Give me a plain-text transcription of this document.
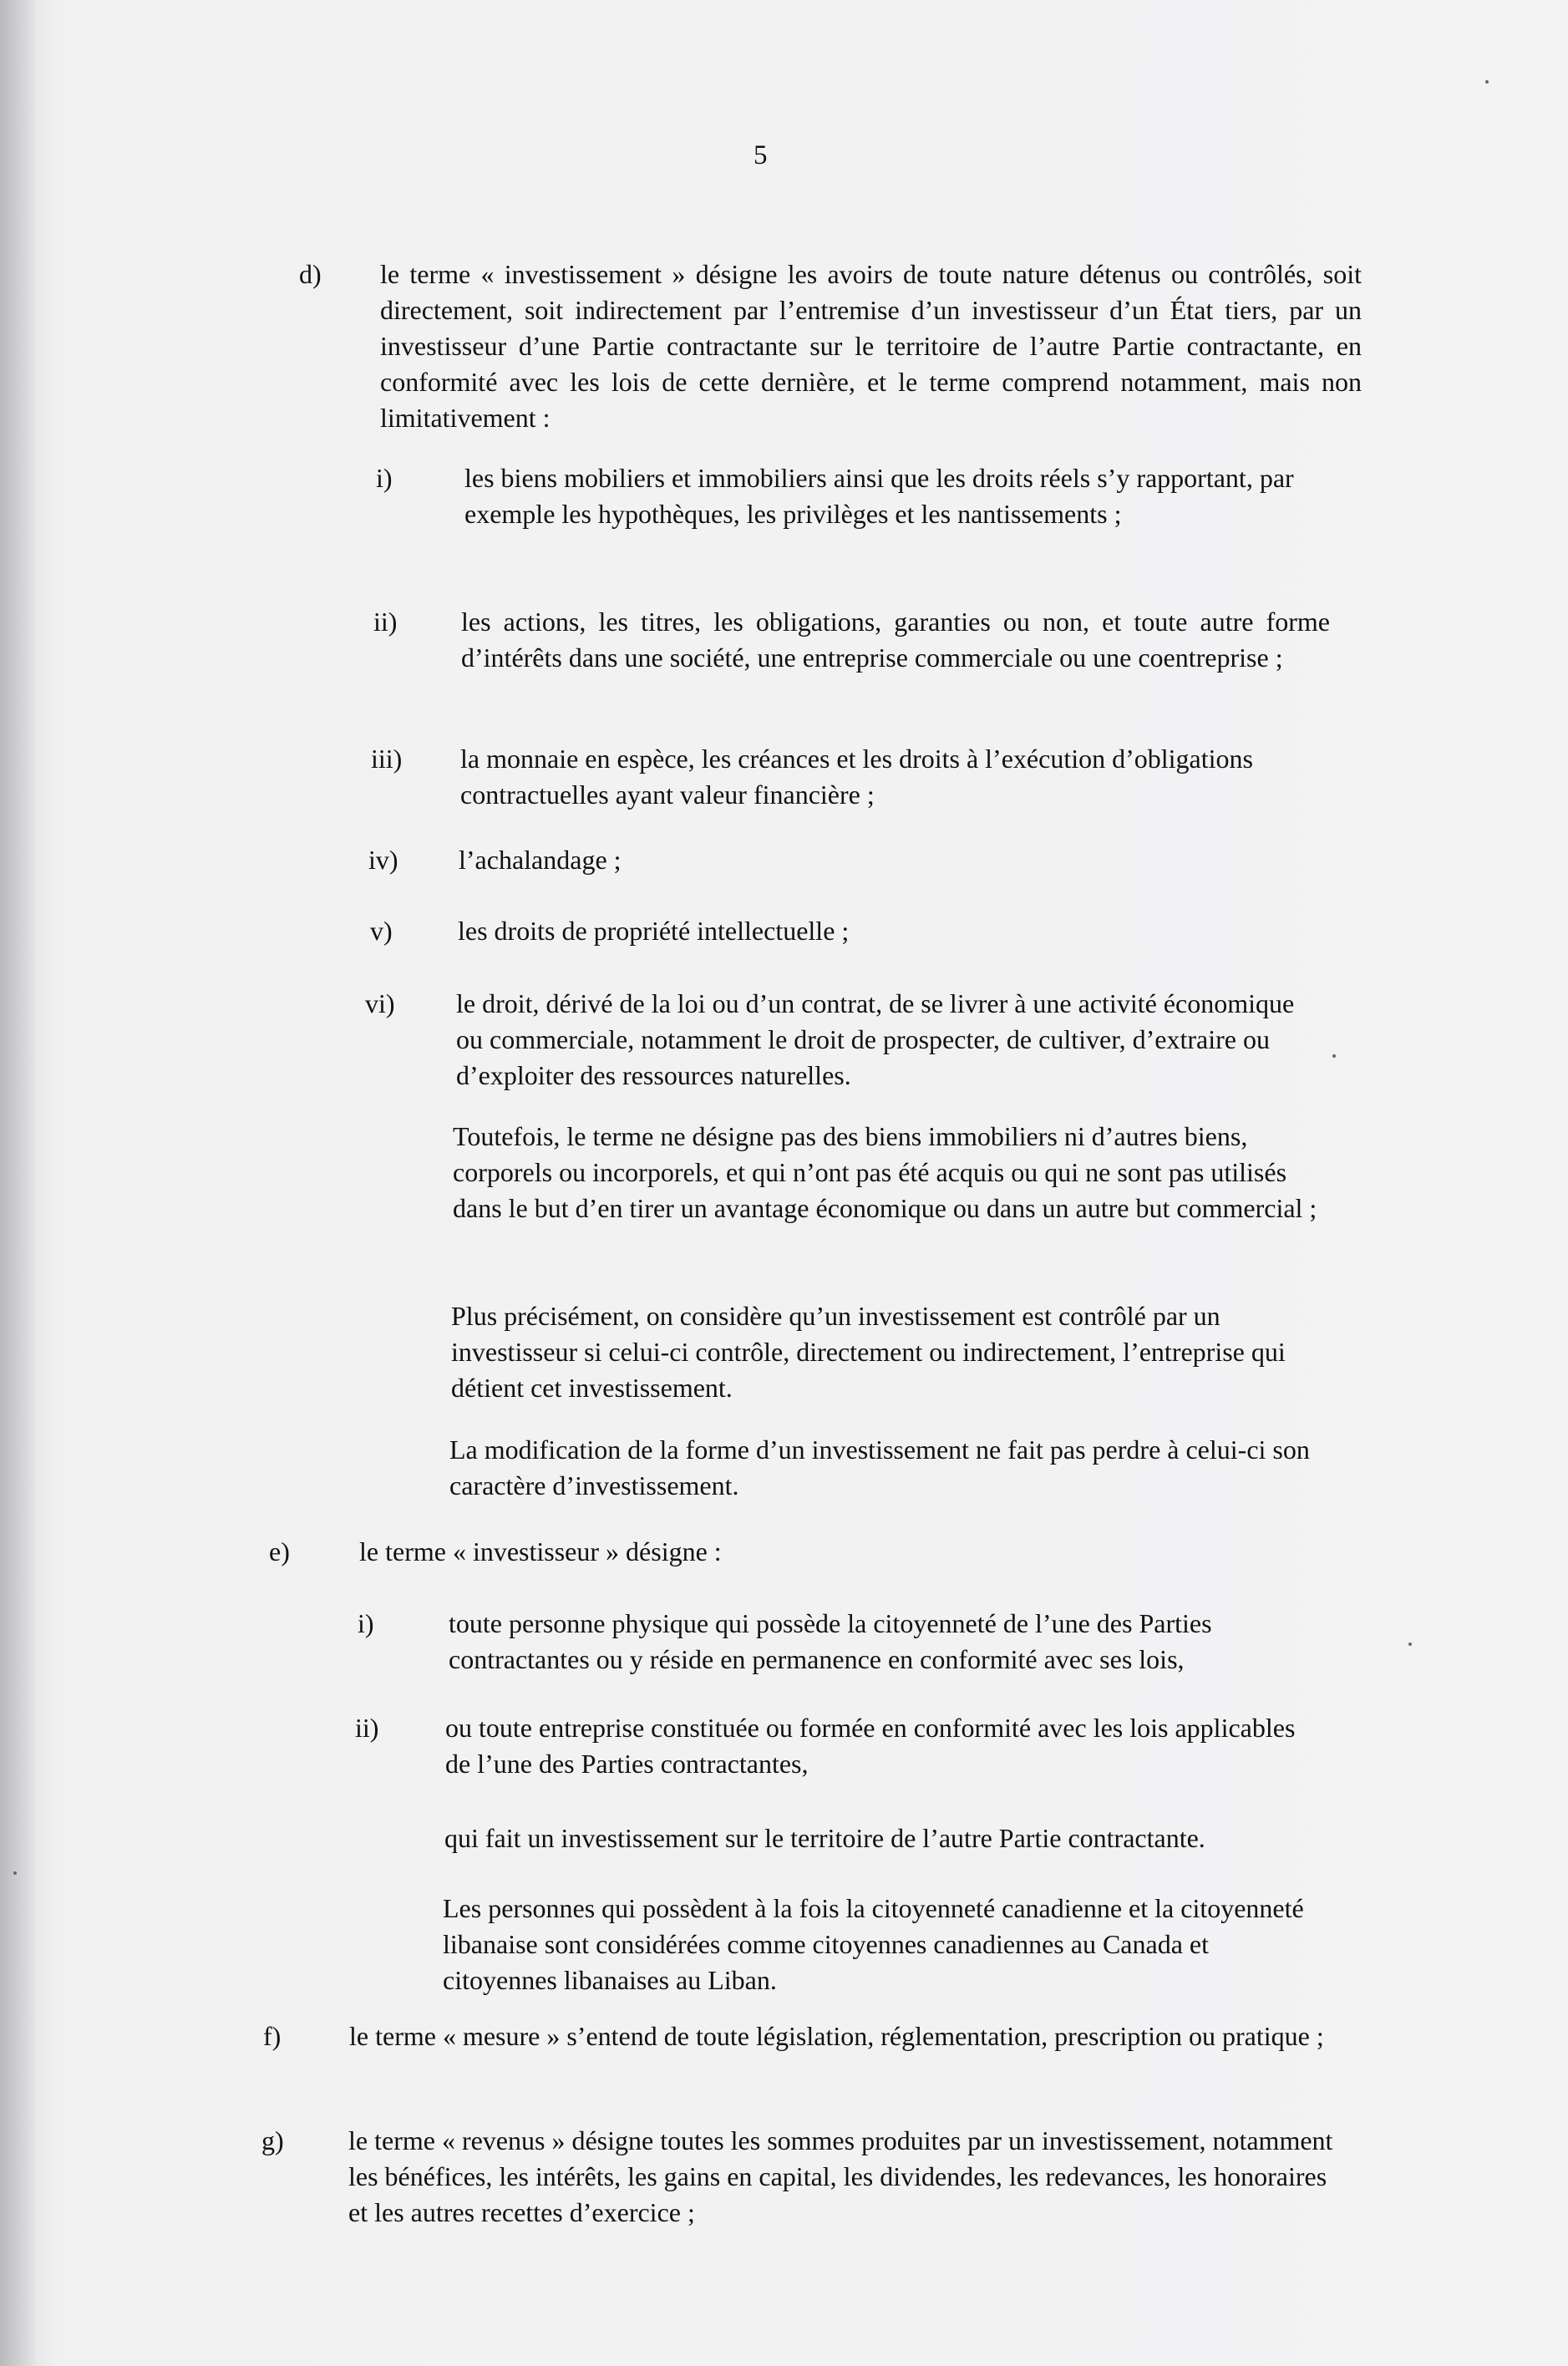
5
d) le terme « investissement » désigne les avoirs de toute nature détenus ou contrôlés, soit directement, soit indirectement par l’entremise d’un investisseur d’un État tiers, par un investisseur d’une Partie contractante sur le territoire de l’autre Partie contractante, en conformité avec les lois de cette dernière, et le terme comprend notamment, mais non limitativement :
i)	les biens mobiliers et immobiliers ainsi que les droits réels s’y rapportant, par exemple les hypothèques, les privilèges et les nantissements ;
ii) les actions, les titres, les obligations, garanties ou non, et toute autre forme d’intérêts dans une société, une entreprise commerciale ou une coentreprise ;
iii) la monnaie en espèce, les créances et les droits à l’exécution d’obligations contractuelles ayant valeur financière ;
iv) l’achalandage ;
v) les droits de propriété intellectuelle ;
vi) le droit, dérivé de la loi ou d’un contrat, de se livrer à une activité économique ou commerciale, notamment le droit de prospecter, de cultiver, d’extraire ou d’exploiter des ressources naturelles.
Toutefois, le terme ne désigne pas des biens immobiliers ni d’autres biens, corporels ou incorporels, et qui n’ont pas été acquis ou qui ne sont pas utilisés dans le but d’en tirer un avantage économique ou dans un autre but commercial ;
Plus précisément, on considère qu’un investissement est contrôlé par un investisseur si celui-ci contrôle, directement ou indirectement, l’entreprise qui détient cet investissement.
La modification de la forme d’un investissement ne fait pas perdre à celui-ci son caractère d’investissement.
e)	le terme « investisseur » désigne :
i)	toute personne physique qui possède la citoyenneté de l’une des Parties contractantes ou y réside en permanence en conformité avec ses lois,
ii) ou toute entreprise constituée ou formée en conformité avec les lois applicables de l’une des Parties contractantes,
qui fait un investissement sur le territoire de l’autre Partie contractante.
Les personnes qui possèdent à la fois la citoyenneté canadienne et la citoyenneté libanaise sont considérées comme citoyennes canadiennes au Canada et citoyennes libanaises au Liban.
f)	le terme « mesure » s’entend de toute législation, réglementation, prescription ou pratique ;
g) le terme « revenus » désigne toutes les sommes produites par un investissement, notamment les bénéfices, les intérêts, les gains en capital, les dividendes, les redevances, les honoraires et les autres recettes d’exercice ;
